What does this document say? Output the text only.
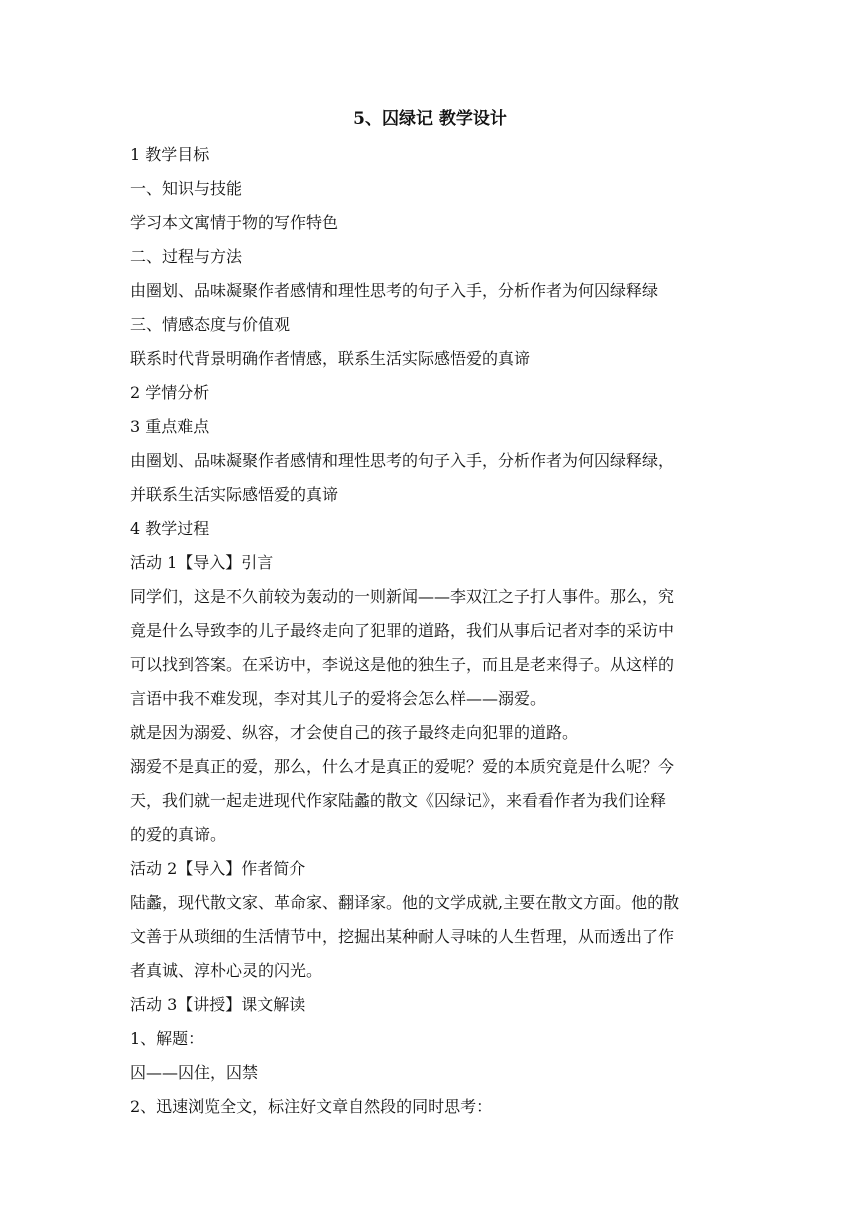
5、囚绿记 教学设计
1 教学目标
一、知识与技能
学习本文寓情于物的写作特色
二、过程与方法
由圈划、品味凝聚作者感情和理性思考的句子入手，分析作者为何囚绿释绿
三、情感态度与价值观
联系时代背景明确作者情感，联系生活实际感悟爱的真谛
2 学情分析
3 重点难点
由圈划、品味凝聚作者感情和理性思考的句子入手，分析作者为何囚绿释绿，
并联系生活实际感悟爱的真谛
4 教学过程
活动 1【导入】引言
同学们，这是不久前较为轰动的一则新闻——李双江之子打人事件。那么，究
竟是什么导致李的儿子最终走向了犯罪的道路，我们从事后记者对李的采访中
可以找到答案。在采访中，李说这是他的独生子，而且是老来得子。从这样的
言语中我不难发现，李对其儿子的爱将会怎么样——溺爱。
就是因为溺爱、纵容，才会使自己的孩子最终走向犯罪的道路。
溺爱不是真正的爱，那么，什么才是真正的爱呢？爱的本质究竟是什么呢？今
天，我们就一起走进现代作家陆蠡的散文《囚绿记》，来看看作者为我们诠释
的爱的真谛。
活动 2【导入】作者简介
陆蠡，现代散文家、革命家、翻译家。他的文学成就,主要在散文方面。他的散
文善于从琐细的生活情节中，挖掘出某种耐人寻味的人生哲理，从而透出了作
者真诚、淳朴心灵的闪光。
活动 3【讲授】课文解读
1、解题：
囚——囚住，囚禁
2、迅速浏览全文，标注好文章自然段的同时思考：
